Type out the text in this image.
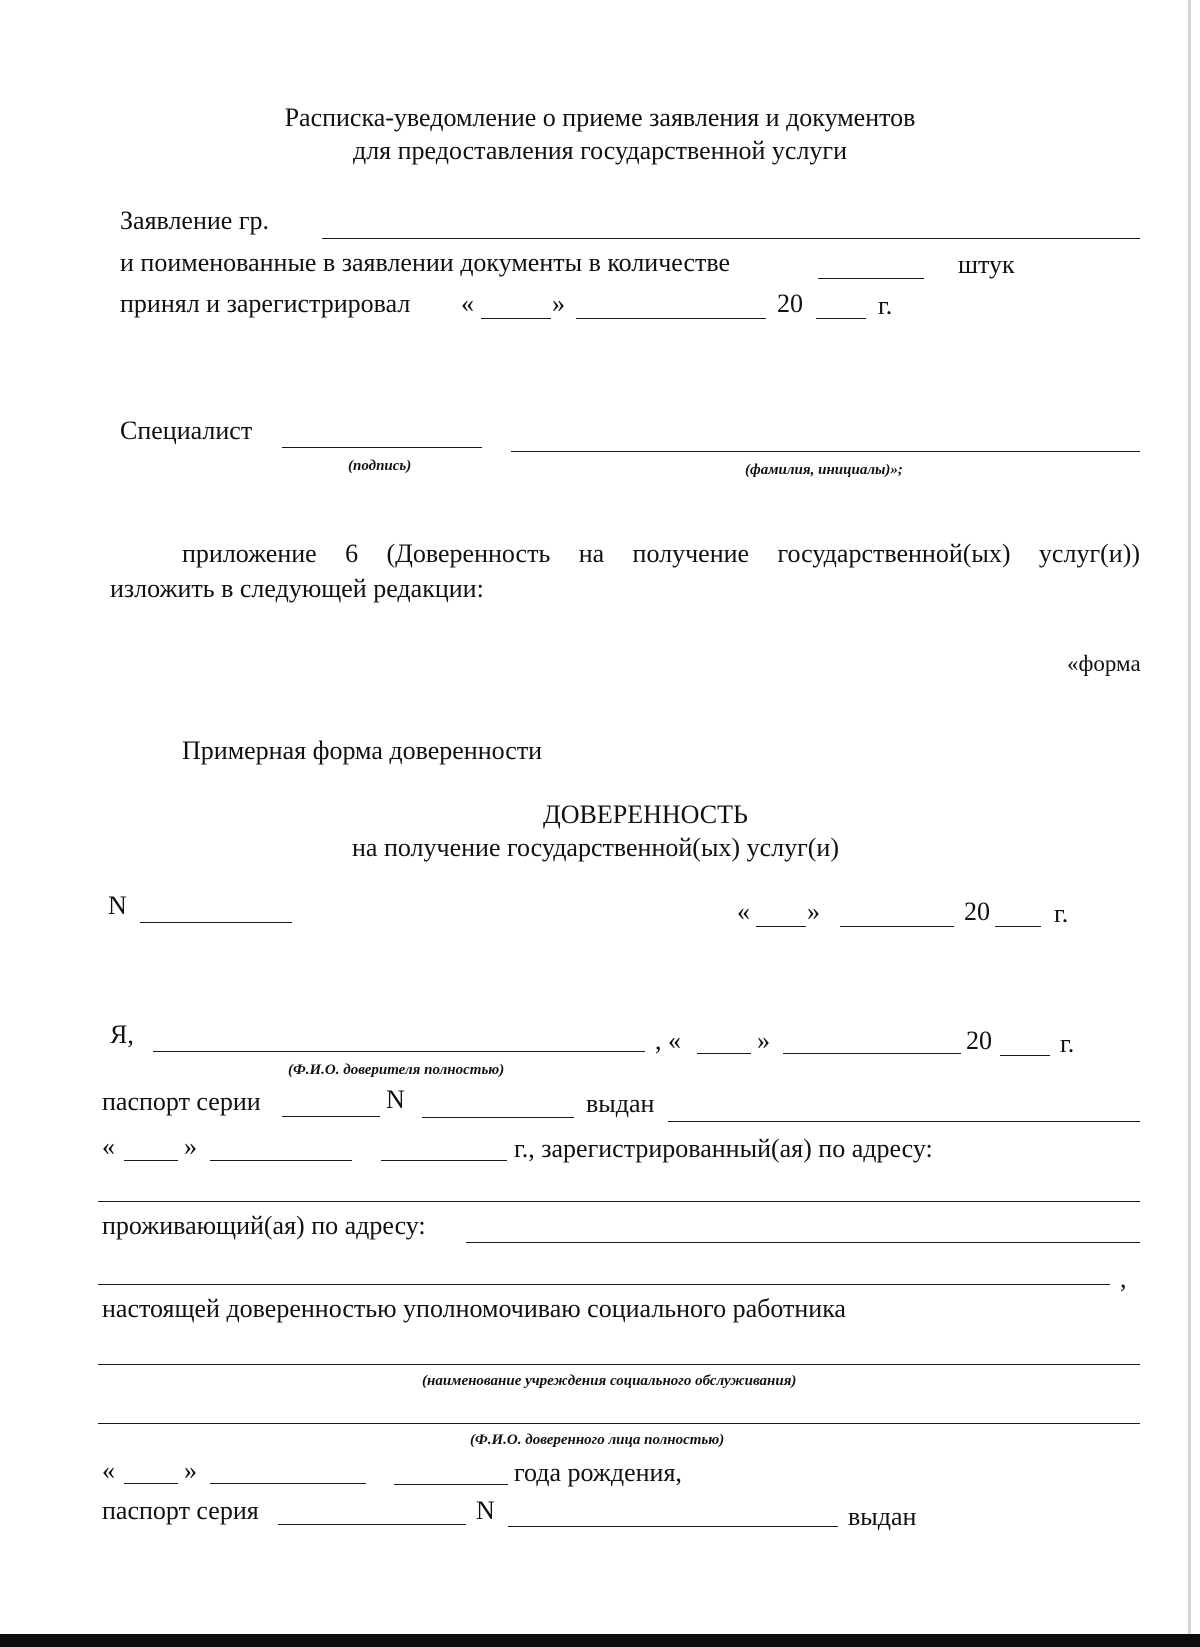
Расписка-уведомление о приеме заявления и документов
для предоставления государственной услуги
Заявление гр.
и поименованные в заявлении документы в количестве	штук
принял и зарегистрировал «	»	20	г.
Специалист
(подпись)	(фамилия, инициалы)»;
приложение 6 (Доверенность на получение государственной(ых) услуг(и))
изложить в следующей редакции:
«форма
Примерная форма доверенности
ДОВЕРЕННОСТЬ
на получение государственной(ых) услуг(и)
N	« »	20 г.
Я,	, «	»	20	г.
(Ф.И.О. доверителя полностью)
паспорт серии	N	выдан
«	»	г., зарегистрированный(ая) по адресу:
проживающий(ая) по адресу:
,
настоящей доверенностью уполномочиваю социального работника
(наименование учреждения социального обслуживания)
(Ф.И.О. доверенного лица полностью)
«	»	года рождения,
паспорт серия	N	выдан
